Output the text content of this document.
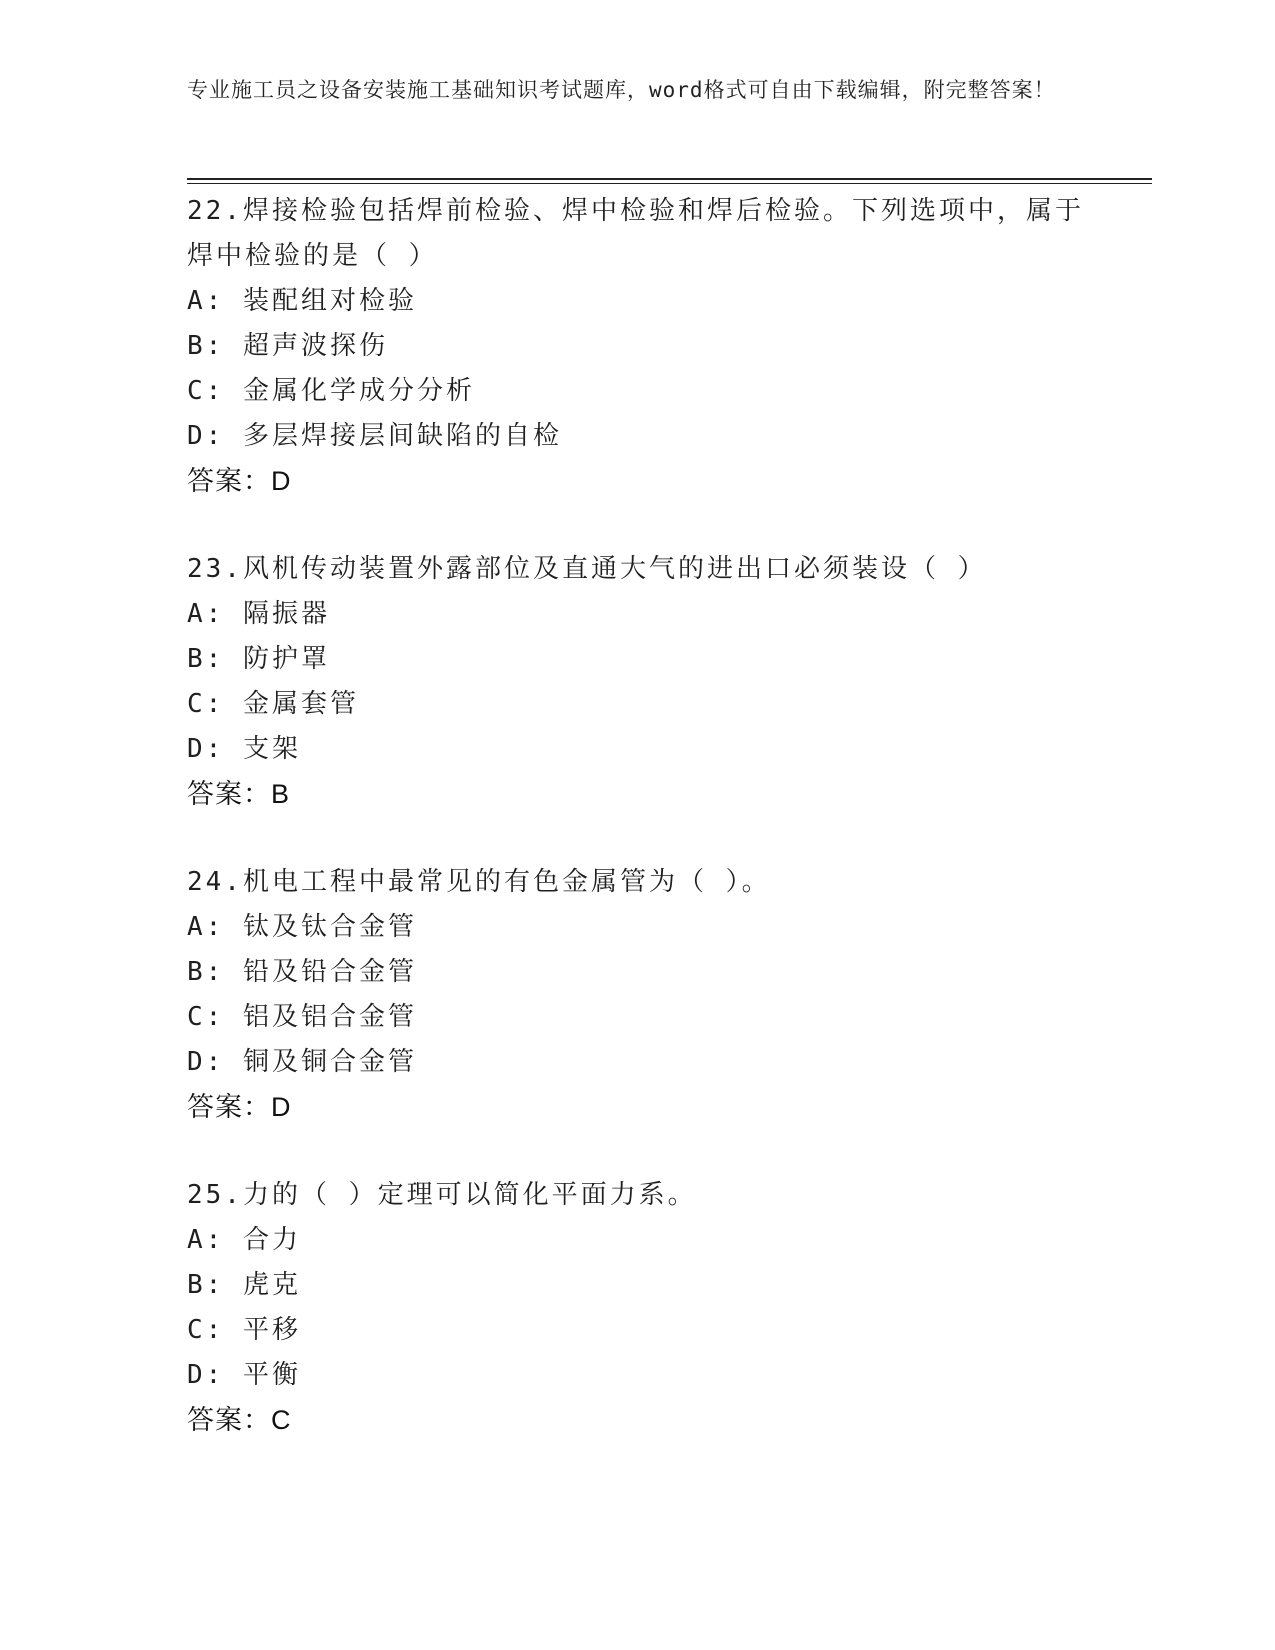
专业施工员之设备安装施工基础知识考试题库，word格式可自由下载编辑，附完整答案！

22.焊接检验包括焊前检验、焊中检验和焊后检验。下列选项中，属于焊中检验的是（ ）

A: 装配组对检验

B: 超声波探伤

C: 金属化学成分分析

D: 多层焊接层间缺陷的自检

答案：D

23.风机传动装置外露部位及直通大气的进出口必须装设（ ）

A: 隔振器

B: 防护罩

C: 金属套管

D: 支架

答案：B

24.机电工程中最常见的有色金属管为（ ）。

A: 钛及钛合金管

B: 铅及铅合金管

C: 铝及铝合金管

D: 铜及铜合金管

答案：D

25.力的（ ）定理可以简化平面力系。

A: 合力

B: 虎克

C: 平移

D: 平衡

答案：C
